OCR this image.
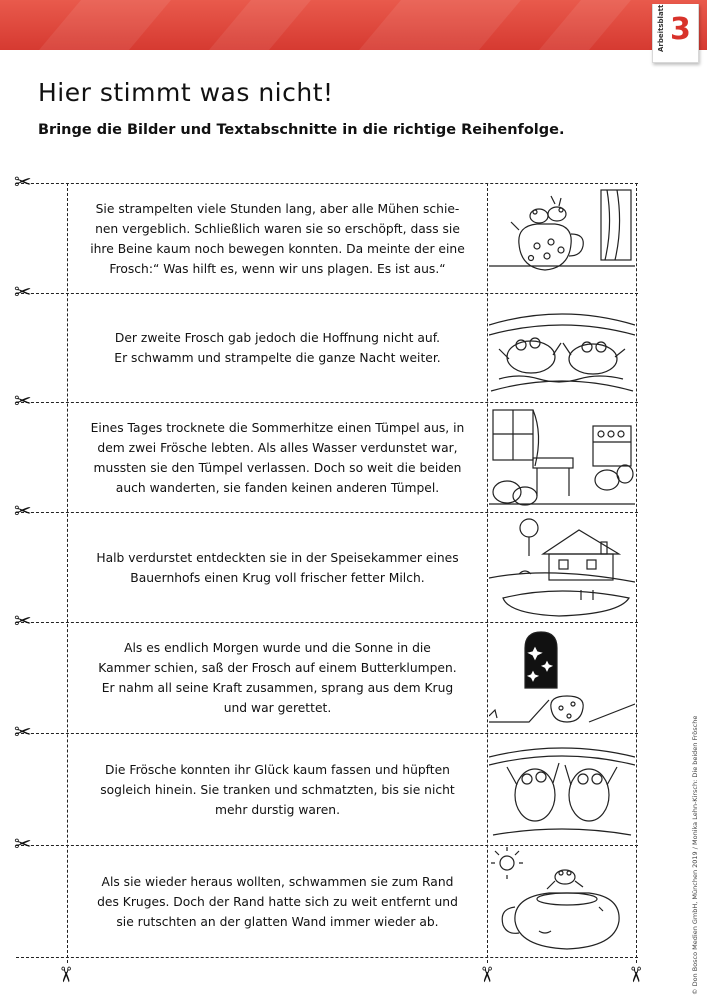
Arbeitsblatt 3
Hier stimmt was nicht!

Bringe die Bilder und Textabschnitte in die richtige Reihenfolge.

✂
✂
✂
✂
✂
✂
✂
✂	✂	✂
Sie strampelten viele Stunden lang, aber alle Mühen schie-
nen vergeblich. Schließlich waren sie so erschöpft, dass sie
ihre Beine kaum noch bewegen konnten. Da meinte der eine
Frosch:“ Was hilft es, wenn wir uns plagen. Es ist aus.“
Der zweite Frosch gab jedoch die Hoffnung nicht auf.
Er schwamm und strampelte die ganze Nacht weiter.
Eines Tages trocknete die Sommerhitze einen Tümpel aus, in
dem zwei Frösche lebten. Als alles Wasser verdunstet war,
mussten sie den Tümpel verlassen. Doch so weit die beiden
auch wanderten, sie fanden keinen anderen Tümpel.
Halb verdurstet entdeckten sie in der Speisekammer eines
Bauernhofs einen Krug voll frischer fetter Milch.
Als es endlich Morgen wurde und die Sonne in die
Kammer schien, saß der Frosch auf einem Butterklumpen.
Er nahm all seine Kraft zusammen, sprang aus dem Krug
und war gerettet.
Die Frösche konnten ihr Glück kaum fassen und hüpften
sogleich hinein. Sie tranken und schmatzten, bis sie nicht
mehr durstig waren.
Als sie wieder heraus wollten, schwammen sie zum Rand
des Kruges. Doch der Rand hatte sich zu weit entfernt und
sie rutschten an der glatten Wand immer wieder ab.	© Don Bosco Medien GmbH, München 2019 / Monika Lehn-Kirsch: Die beiden Frösche
